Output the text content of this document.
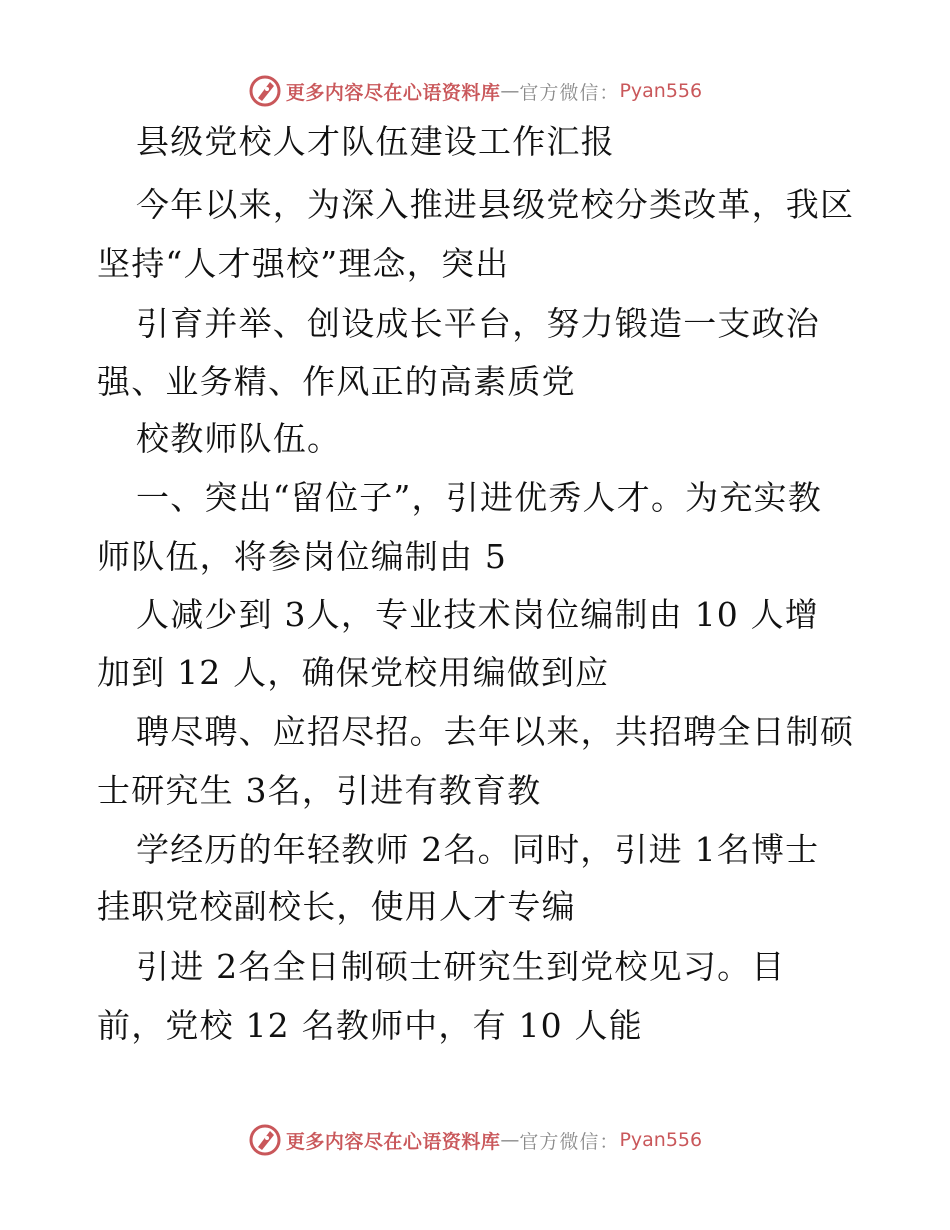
更多内容尽在心语资料库 — 官方微信： Pyan556
县级党校人才队伍建设工作汇报
今年以来，为深入推进县级党校分类改革，我区
坚持“人才强校”理念，突出
引育并举、创设成长平台，努力锻造一支政治
强、业务精、作风正的高素质党
校教师队伍。
一、突出“留位子”，引进优秀人才。为充实教
师队伍，将参岗位编制由 5
人减少到 3人，专业技术岗位编制由 10 人增
加到 12 人，确保党校用编做到应
聘尽聘、应招尽招。去年以来，共招聘全日制硕
士研究生 3名，引进有教育教
学经历的年轻教师 2名。同时，引进 1名博士
挂职党校副校长，使用人才专编
引进 2名全日制硕士研究生到党校见习。目
前，党校 12 名教师中，有 10 人能
更多内容尽在心语资料库 — 官方微信： Pyan556
